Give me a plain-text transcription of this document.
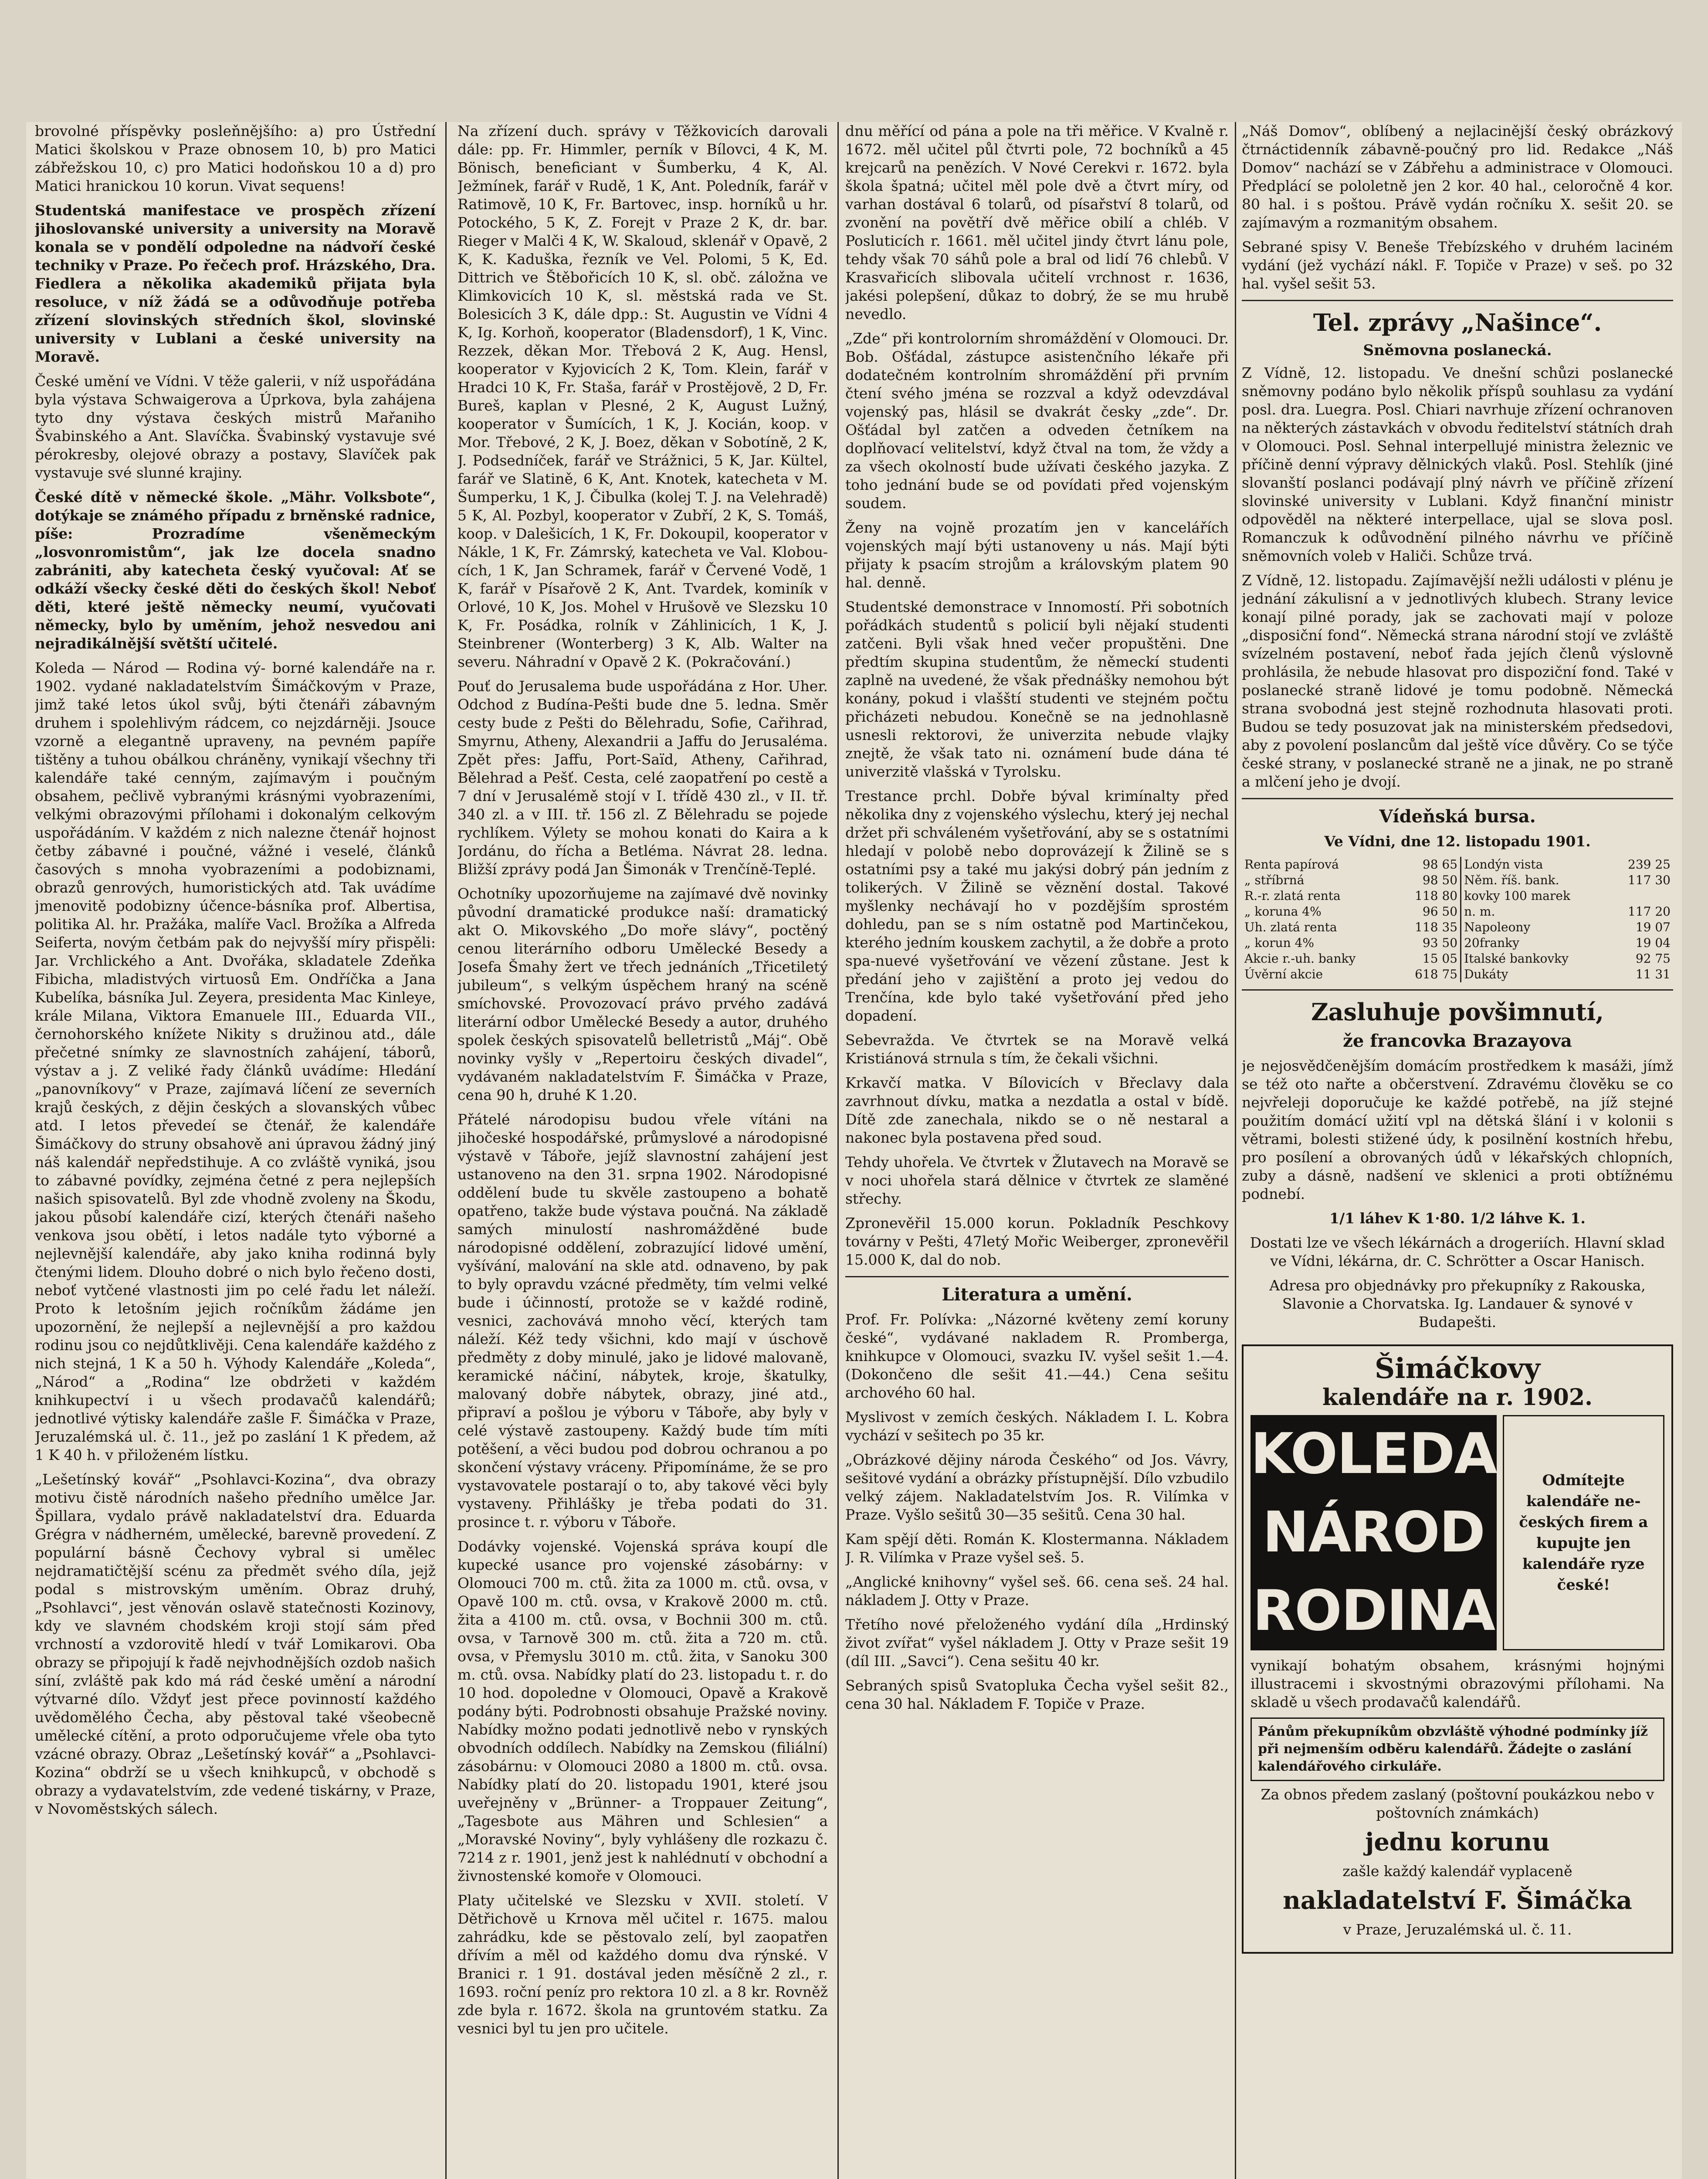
brovolné příspěvky posleňnějšího: a) pro Ústřední Matici školskou v Praze obnosem 10, b) pro Matici zábřežskou 10, c) pro Matici hodoňskou 10 a d) pro Matici hranickou 10 korun. Vivat sequens!

Studentská manifestace ve prospěch zřízení jihoslovanské university a university na Moravě konala se v pondělí odpoledne na nádvoří české techniky v Praze. Po řečech prof. Hrázského, Dra. Fiedlera a několika akademiků přijata byla resoluce, v níž žádá se a odůvodňuje potřeba zřízení slovinských středních škol, slovinské university v Lublani a české university na Moravě.

České umění ve Vídni. V těže galerii, v níž uspořádána byla výstava Schwaigerova a Úprkova, byla zahájena tyto dny výstava českých mistrů Mařaniho Švabinského a Ant. Slavíčka. Švabinský vystavuje své pérokresby, olejové obrazy a postavy, Slavíček pak vystavuje své slunné krajiny.

České dítě v německé škole. „Mähr. Volksbote“, dotýkaje se známého případu z brněnské radnice, píše: Prozradíme všeněmeckým „losvonromistům“, jak lze docela snadno zabrániti, aby katecheta český vyučoval: Ať se odkáží všecky české děti do českých škol! Neboť děti, které ještě německy neumí, vyučovati německy, bylo by uměním, jehož nesvedou ani nejradikálnější světští učitelé.

Koleda — Národ — Rodina vý- borné kalendáře na r. 1902. vydané nakladatelstvím Šimáčkovým v Praze, jimž také letos úkol svůj, býti čtenáři zábavným druhem i spolehlivým rádcem, co nejzdárněji. Jsouce vzorně a elegantně upraveny, na pevném papíře tištěny a tuhou obálkou chráněny, vynikají všechny tři kalendáře také cenným, zajímavým i poučným obsahem, pečlivě vybranými krásnými vyobrazeními, velkými obrazovými přílohami i dokonalým celkovým uspořádáním. V každém z nich nalezne čtenář hojnost četby zábavné i poučné, vážné i veselé, článků časových s mnoha vyobrazeními a podobiznami, obrazů genrových, humoristických atd. Tak uvádíme jmenovitě podobizny účence-básníka prof. Albertisa, politika Al. hr. Pražáka, malíře Vacl. Brožíka a Alfreda Seiferta, novým četbám pak do nejvyšší míry přispěli: Jar. Vrchlického a Ant. Dvořáka, skladatele Zdeňka Fibicha, mladistvých virtuosů Em. Ondříčka a Jana Kubelíka, básníka Jul. Zeyera, presidenta Mac Kinleye, krále Milana, Viktora Emanuele III., Eduarda VII., černohorského knížete Nikity s družinou atd., dále přečetné snímky ze slavnostních zahájení, táborů, výstav a j. Z veliké řady článků uvádíme: Hledání „panovníkovy“ v Praze, zajímavá líčení ze severních krajů českých, z dějin českých a slovanských vůbec atd. I letos převedeí se čtenář, že kalendáře Šimáčkovy do struny obsahově ani úpravou žádný jiný náš kalendář nepředstihuje. A co zvláště vyniká, jsou to zábavné povídky, zejména četné z pera nejlepších našich spisovatelů. Byl zde vhodně zvoleny na Škodu, jakou působí kalendáře cizí, kterých čtenáři našeho venkova jsou obětí, i letos nadále tyto výborné a nejlevnější kalendáře, aby jako kniha rodinná byly čtenými lidem. Dlouho dobré o nich bylo řečeno dosti, neboť vytčené vlastnosti jim po celé řadu let náleží. Proto k letošním jejich ročníkům žádáme jen upozornění, že nejlepší a nejlevnější a pro každou rodinu jsou co nejdůtklivěji. Cena kalendáře každého z nich stejná, 1 K a 50 h. Výhody Kalendáře „Koleda“, „Národ“ a „Rodina“ lze obdržeti v každém knihkupectví i u všech prodavačů kalendářů; jednotlivé výtisky kalendáře zašle F. Šimáčka v Praze, Jeruzalémská ul. č. 11., jež po zaslání 1 K předem, až 1 K 40 h. v přiloženém lístku.

„Lešetínský kovář“ „Psohlavci-Kozina“, dva obrazy motivu čistě národních našeho předního umělce Jar. Špillara, vydalo právě nakladatelství dra. Eduarda Grégra v nádherném, umělecké, barevně provedení. Z populární básně Čechovy vybral si umělec nejdramatičtější scénu za předmět svého díla, jejž podal s mistrovským uměním. Obraz druhý, „Psohlavci“, jest věnován oslavě statečnosti Kozinovy, kdy ve slavném chodském kroji stojí sám před vrchností a vzdorovitě hledí v tvář Lomikarovi. Oba obrazy se připojují k řadě nejvhodnějších ozdob našich síní, zvláště pak kdo má rád české umění a národní výtvarné dílo. Vždyť jest přece povinností každého uvědomělého Čecha, aby pěstoval také všeobecně umělecké cítění, a proto odporučujeme vřele oba tyto vzácné obrazy. Obraz „Lešetínský kovář“ a „Psohlavci-Kozina“ obdrží se u všech knihkupců, v obchodě s obrazy a vydavatelstvím, zde vedené tiskárny, v Praze, v Novoměstských sálech.

Na zřízení duch. správy v Těžkovicích darovali dále: pp. Fr. Himmler, perník v Bílovci, 4 K, M. Bönisch, beneficiant v Šumberku, 4 K, Al. Ježmínek, farář v Rudě, 1 K, Ant. Poledník, farář v Ratimově, 10 K, Fr. Bartovec, insp. horníků u hr. Potockého, 5 K, Z. Forejt v Praze 2 K, dr. bar. Rieger v Malči 4 K, W. Skaloud, sklenář v Opavě, 2 K, K. Kaduška, řezník ve Vel. Polomi, 5 K, Ed. Dittrich ve Štěbořicích 10 K, sl. obč. záložna ve Klimkovicích 10 K, sl. městská rada ve St. Bolesicích 3 K, dále dpp.: St. Augustin ve Vídni 4 K, Ig. Korhoň, kooperator (Bladensdorf), 1 K, Vinc. Rezzek, děkan Mor. Třebová 2 K, Aug. Hensl, kooperator v Kyjovicích 2 K, Tom. Klein, farář v Hradci 10 K, Fr. Staša, farář v Prostějově, 2 D, Fr. Bureš, kaplan v Plesné, 2 K, August Lužný, kooperator v Šumících, 1 K, J. Kocián, koop. v Mor. Třebové, 2 K, J. Boez, děkan v Sobotíně, 2 K, J. Podsedníček, farář ve Strážnici, 5 K, Jar. Kültel, farář ve Slatině, 6 K, Ant. Knotek, katecheta v M. Šumperku, 1 K, J. Čibulka (kolej T. J. na Velehradě) 5 K, Al. Pozbyl, kooperator v Zubří, 2 K, S. Tomáš, koop. v Dalešicích, 1 K, Fr. Dokoupil, kooperator v Nákle, 1 K, Fr. Zámrský, katecheta ve Val. Klobou-cích, 1 K, Jan Schramek, farář v Červené Vodě, 1 K, farář v Písařově 2 K, Ant. Tvardek, kominík v Orlové, 10 K, Jos. Mohel v Hrušově ve Slezsku 10 K, Fr. Posádka, rolník v Záhlinicích, 1 K, J. Steinbrener (Wonterberg) 3 K, Alb. Walter na severu. Náhradní v Opavě 2 K. (Pokračování.)

Pouť do Jerusalema bude uspořádána z Hor. Uher. Odchod z Budína-Pešti bude dne 5. ledna. Směr cesty bude z Pešti do Bělehradu, Sofie, Cařihrad, Smyrnu, Atheny, Alexandrii a Jaffu do Jerusaléma. Zpět přes: Jaffu, Port-Saïd, Atheny, Cařihrad, Bělehrad a Pešť. Cesta, celé zaopatření po cestě a 7 dní v Jerusalémě stojí v I. třídě 430 zl., v II. tř. 340 zl. a v III. tř. 156 zl. Z Bělehradu se pojede rychlíkem. Výlety se mohou konati do Kaira a k Jordánu, do řícha a Betléma. Návrat 28. ledna. Bližší zprávy podá Jan Šimonák v Trenčíně-Teplé.

Ochotníky upozorňujeme na zajímavé dvě novinky původní dramatické produkce naší: dramatický akt O. Mikovského „Do moře slávy“, poctěný cenou literárního odboru Umělecké Besedy a Josefa Šmahy žert ve třech jednáních „Třicetiletý jubileum“, s velkým úspěchem hraný na scéně smíchovské. Provozovací právo prvého zadává literární odbor Umělecké Besedy a autor, druhého spolek českých spisovatelů belletristů „Máj“. Obě novinky vyšly v „Repertoiru českých divadel“, vydávaném nakladatelstvím F. Šimáčka v Praze, cena 90 h, druhé K 1.20.

Přátelé národopisu budou vřele vítáni na jihočeské hospodářské, průmyslové a národopisné výstavě v Táboře, jejíž slavnostní zahájení jest ustanoveno na den 31. srpna 1902. Národopisné oddělení bude tu skvěle zastoupeno a bohatě opatřeno, takže bude výstava poučná. Na základě samých minulostí nashromážděné bude národopisné oddělení, zobrazující lidové umění, vyšívání, malování na skle atd. odnaveno, by pak to byly opravdu vzácné předměty, tím velmi velké bude i účinností, protože se v každé rodině, vesnici, zachovává mnoho věcí, kterých tam náleží. Kéž tedy všichni, kdo mají v úschově předměty z doby minulé, jako je lidové malovaně, keramické náčiní, nábytek, kroje, škatulky, malovaný dobře nábytek, obrazy, jiné atd., připraví a pošlou je výboru v Táboře, aby byly v celé výstavě zastoupeny. Každý bude tím míti potěšení, a věci budou pod dobrou ochranou a po skončení výstavy vráceny. Připomínáme, že se pro vystavovatele postarají o to, aby takové věci byly vystaveny. Přihlášky je třeba podati do 31. prosince t. r. výboru v Táboře.

Dodávky vojenské. Vojenská správa koupí dle kupecké usance pro vojenské zásobárny: v Olomouci 700 m. ctů. žita za 1000 m. ctů. ovsa, v Opavě 100 m. ctů. ovsa, v Krakově 2000 m. ctů. žita a 4100 m. ctů. ovsa, v Bochnii 300 m. ctů. ovsa, v Tarnově 300 m. ctů. žita a 720 m. ctů. ovsa, v Přemyslu 3010 m. ctů. žita, v Sanoku 300 m. ctů. ovsa. Nabídky platí do 23. listopadu t. r. do 10 hod. dopoledne v Olomouci, Opavě a Krakově podány býti. Podrobnosti obsahuje Pražské noviny. Nabídky možno podati jednotlivě nebo v rynských obvodních oddílech. Nabídky na Zemskou (filiální) zásobárnu: v Olomouci 2080 a 1800 m. ctů. ovsa. Nabídky platí do 20. listopadu 1901, které jsou uveřejněny v „Brünner- a Troppauer Zeitung“, „Tagesbote aus Mähren und Schlesien“ a „Moravské Noviny“, byly vyhlášeny dle rozkazu č. 7214 z r. 1901, jenž jest k nahlédnutí v obchodní a živnostenské komoře v Olomouci.

Platy učitelské ve Slezsku v XVII. století. V Dětřichově u Krnova měl učitel r. 1675. malou zahrádku, kde se pěstovalo zelí, byl zaopatřen dřívím a měl od každého domu dva rýnské. V Branici r. 1 91. dostával jeden měsíčně 2 zl., r. 1693. roční peníz pro rektora 10 zl. a 8 kr. Rovněž zde byla r. 1672. škola na gruntovém statku. Za vesnici byl tu jen pro učitele.

dnu měřící od pána a pole na tři měřice. V Kvalně r. 1672. měl učitel půl čtvrti pole, 72 bochníků a 45 krejcarů na penězích. V Nové Cerekvi r. 1672. byla škola špatná; učitel měl pole dvě a čtvrt míry, od varhan dostával 6 tolarů, od písařství 8 tolarů, od zvonění na povětří dvě měřice obilí a chléb. V Posluticích r. 1661. měl učitel jindy čtvrt lánu pole, tehdy však 70 sáhů pole a bral od lidí 76 chlebů. V Krasvařicích slibovala učitelí vrchnost r. 1636, jakési polepšení, důkaz to dobrý, že se mu hrubě nevedlo.

„Zde“ při kontrolorním shromáždění v Olomouci. Dr. Bob. Ošťádal, zástupce asistenčního lékaře při dodatečném kontrolním shromáždění při prvním čtení svého jména se rozzval a když odevzdával vojenský pas, hlásil se dvakrát česky „zde“. Dr. Ošťádal byl zatčen a odveden četníkem na doplňovací velitelství, když čtval na tom, že vždy a za všech okolností bude užívati českého jazyka. Z toho jednání bude se od povídati před vojenským soudem.

Ženy na vojně prozatím jen v kancelářích vojenských mají býti ustanoveny u nás. Mají býti přijaty k psacím strojům a královským platem 90 hal. denně.

Studentské demonstrace v Innomostí. Při sobotních pořádkách studentů s policií byli nějakí studenti zatčeni. Byli však hned večer propuštěni. Dne předtím skupina studentům, že německí studenti zaplně na uvedené, že však přednášky nemohou být konány, pokud i vlašští studenti ve stejném počtu přicházeti nebudou. Konečně se na jednohlasně usnesli rektorovi, že univerzita nebude vlajky znejtě, že však tato ni. oznámení bude dána té univerzitě vlašská v Tyrolsku.

Trestance prchl. Dobře býval krimínalty před několika dny z vojenského výslechu, který jej nechal držet při schváleném vyšetřování, aby se s ostatními hledají v polobě nebo doprovázejí k Žilině se s ostatními psy a také mu jakýsi dobrý pán jedním z tolikerých. V Žilině se věznění dostal. Takové myšlenky nechávají ho v pozdějším sprostém dohledu, pan se s ním ostatně pod Martinčekou, kterého jedním kouskem zachytil, a že dobře a proto spa-nuevé vyšetřování ve vězení zůstane. Jest k předání jeho v zajištění a proto jej vedou do Trenčína, kde bylo také vyšetřování před jeho dopadení.

Sebevražda. Ve čtvrtek se na Moravě velká Kristiánová strnula s tím, že čekali všichni.

Krkavčí matka. V Bílovicích v Břeclavy dala zavrhnout dívku, matka a nezdatla a ostal v bídě. Dítě zde zanechala, nikdo se o ně nestaral a nakonec byla postavena před soud.

Tehdy uhořela. Ve čtvrtek v Žlutavech na Moravě se v noci uhořela stará dělnice v čtvrtek ze slaměné střechy.

Zpronevěřil 15.000 korun. Pokladník Peschkovy továrny v Pešti, 47letý Mořic Weiberger, zpronevěřil 15.000 K, dal do nob.

Literatura a umění.

Prof. Fr. Polívka: „Názorné květeny zemí koruny české“, vydávané nakladem R. Promberga, knihkupce v Olomouci, svazku IV. vyšel sešit 1.—4. (Dokončeno dle sešit 41.—44.) Cena sešitu archového 60 hal.

Myslivost v zemích českých. Nákladem I. L. Kobra vychází v sešitech po 35 kr.

„Obrázkové dějiny národa Českého“ od Jos. Vávry, sešitové vydání a obrázky přístupnější. Dílo vzbudilo velký zájem. Nakladatelstvím Jos. R. Vilímka v Praze. Vyšlo sešitů 30—35 sešitů. Cena 30 hal.

Kam spějí děti. Román K. Klostermanna. Nákladem J. R. Vilímka v Praze vyšel seš. 5.

„Anglické knihovny“ vyšel seš. 66. cena seš. 24 hal. nákladem J. Otty v Praze.

Třetího nové přeloženého vydání díla „Hrdinský život zvířat“ vyšel nákladem J. Otty v Praze sešit 19 (díl III. „Savci“). Cena sešitu 40 kr.

Sebraných spisů Svatopluka Čecha vyšel sešit 82., cena 30 hal. Nákladem F. Topiče v Praze.

„Náš Domov“, oblíbený a nejlacinější český obrázkový čtrnáctidenník zábavně-poučný pro lid. Redakce „Náš Domov“ nachází se v Zábřehu a administrace v Olomouci. Předplácí se pololetně jen 2 kor. 40 hal., celoročně 4 kor. 80 hal. i s poštou. Právě vydán ročníku X. sešit 20. se zajímavým a rozmanitým obsahem.

Sebrané spisy V. Beneše Třebízského v druhém laciném vydání (jež vychází nákl. F. Topiče v Praze) v seš. po 32 hal. vyšel sešit 53.

Tel. zprávy „Našince“.
Sněmovna poslanecká.

Z Vídně, 12. listopadu. Ve dnešní schůzi poslanecké sněmovny podáno bylo několik příspů souhlasu za vydání posl. dra. Luegra. Posl. Chiari navrhuje zřízení ochranoven na některých zástavkách v obvodu ředitelství státních drah v Olomouci. Posl. Sehnal interpellujé ministra železnic ve příčině denní výpravy dělnických vlaků. Posl. Stehlík (jiné slovanští poslanci podávají plný návrh ve příčině zřízení slovinské university v Lublani. Když finanční ministr odpověděl na některé interpellace, ujal se slova posl. Romanczuk k odůvodnění pilného návrhu ve příčině sněmovních voleb v Haliči. Schůze trvá.

Z Vídně, 12. listopadu. Zajímavější nežli události v plénu je jednání zákulisní a v jednotlivých klubech. Strany levice konají pilné porady, jak se zachovati mají v poloze „disposiční fond“. Německá strana národní stojí ve zvláště svízelném postavení, neboť řada jejích členů výslovně prohlásila, že nebude hlasovat pro dispoziční fond. Také v poslanecké straně lidové je tomu podobně. Německá strana svobodná jest stejně rozhodnuta hlasovati proti. Budou se tedy posuzovat jak na ministerském předsedovi, aby z povolení poslancům dal ještě více důvěry. Co se týče české strany, v poslanecké straně ne a jinak, ne po straně a mlčení jeho je dvojí.

Vídeňská bursa.

Ve Vídni, dne 12. listopadu 1901.

Renta papírová	98 65	Londýn vista	239 25
„ stříbrná	98 50	Něm. říš. bank.	117 30
R.-r. zlatá renta	118 80	kovky 100 marek	
„ koruna 4%	96 50	n. m.	117 20
Uh. zlatá renta	118 35	Napoleony	19 07
„ korun 4%	93 50	20franky	19 04
Akcie r.-uh. banky	15 05	Italské bankovky	92 75
Úvěrní akcie	618 75	Dukáty	11 31
Zasluhuje povšimnutí,
že francovka Brazayova

je nejosvědčenějším domácím prostředkem k masáži, jímž se též oto nařte a občerstvení. Zdravému člověku se co nejvřeleji doporučuje ke každé potřebě, na jíž stejné použitím domácí užití vpl na dětská šlání i v kolonii s větrami, bolesti stižené údy, k posilnění kostních hřebu, pro posílení a obrovaných údů v lékařských chlopních, zuby a dásně, nadšení ve sklenici a proti obtížnému podnebí.

1/1 láhev K 1·80. 1/2 láhve K. 1.

Dostati lze ve všech lékárnách a drogeriích. Hlavní sklad ve Vídni, lékárna, dr. C. Schrötter a Oscar Hanisch.

Adresa pro objednávky pro překupníky z Rakouska, Slavonie a Chorvatska. Ig. Landauer & synové v Budapešti.

Šimáčkovy
kalendáře na r. 1902.
KOLEDA
NÁROD
RODINA
Odmítejte kalendáře ne-českých firem a kupujte jen kalendáře ryze české!

vynikají bohatým obsahem, krásnými hojnými illustracemi i skvostnými obrazovými přílohami. Na skladě u všech prodavačů kalendářů.

Pánům překupníkům obzvláště výhodné podmínky jíž při nejmenším odběru kalendářů. Žádejte o zaslání kalendářového cirkuláře.

Za obnos předem zaslaný (poštovní poukázkou nebo v poštovních známkách)

jednu korunu

zašle každý kalendář vyplaceně

nakladatelství F. Šimáčka

v Praze, Jeruzalémská ul. č. 11.
